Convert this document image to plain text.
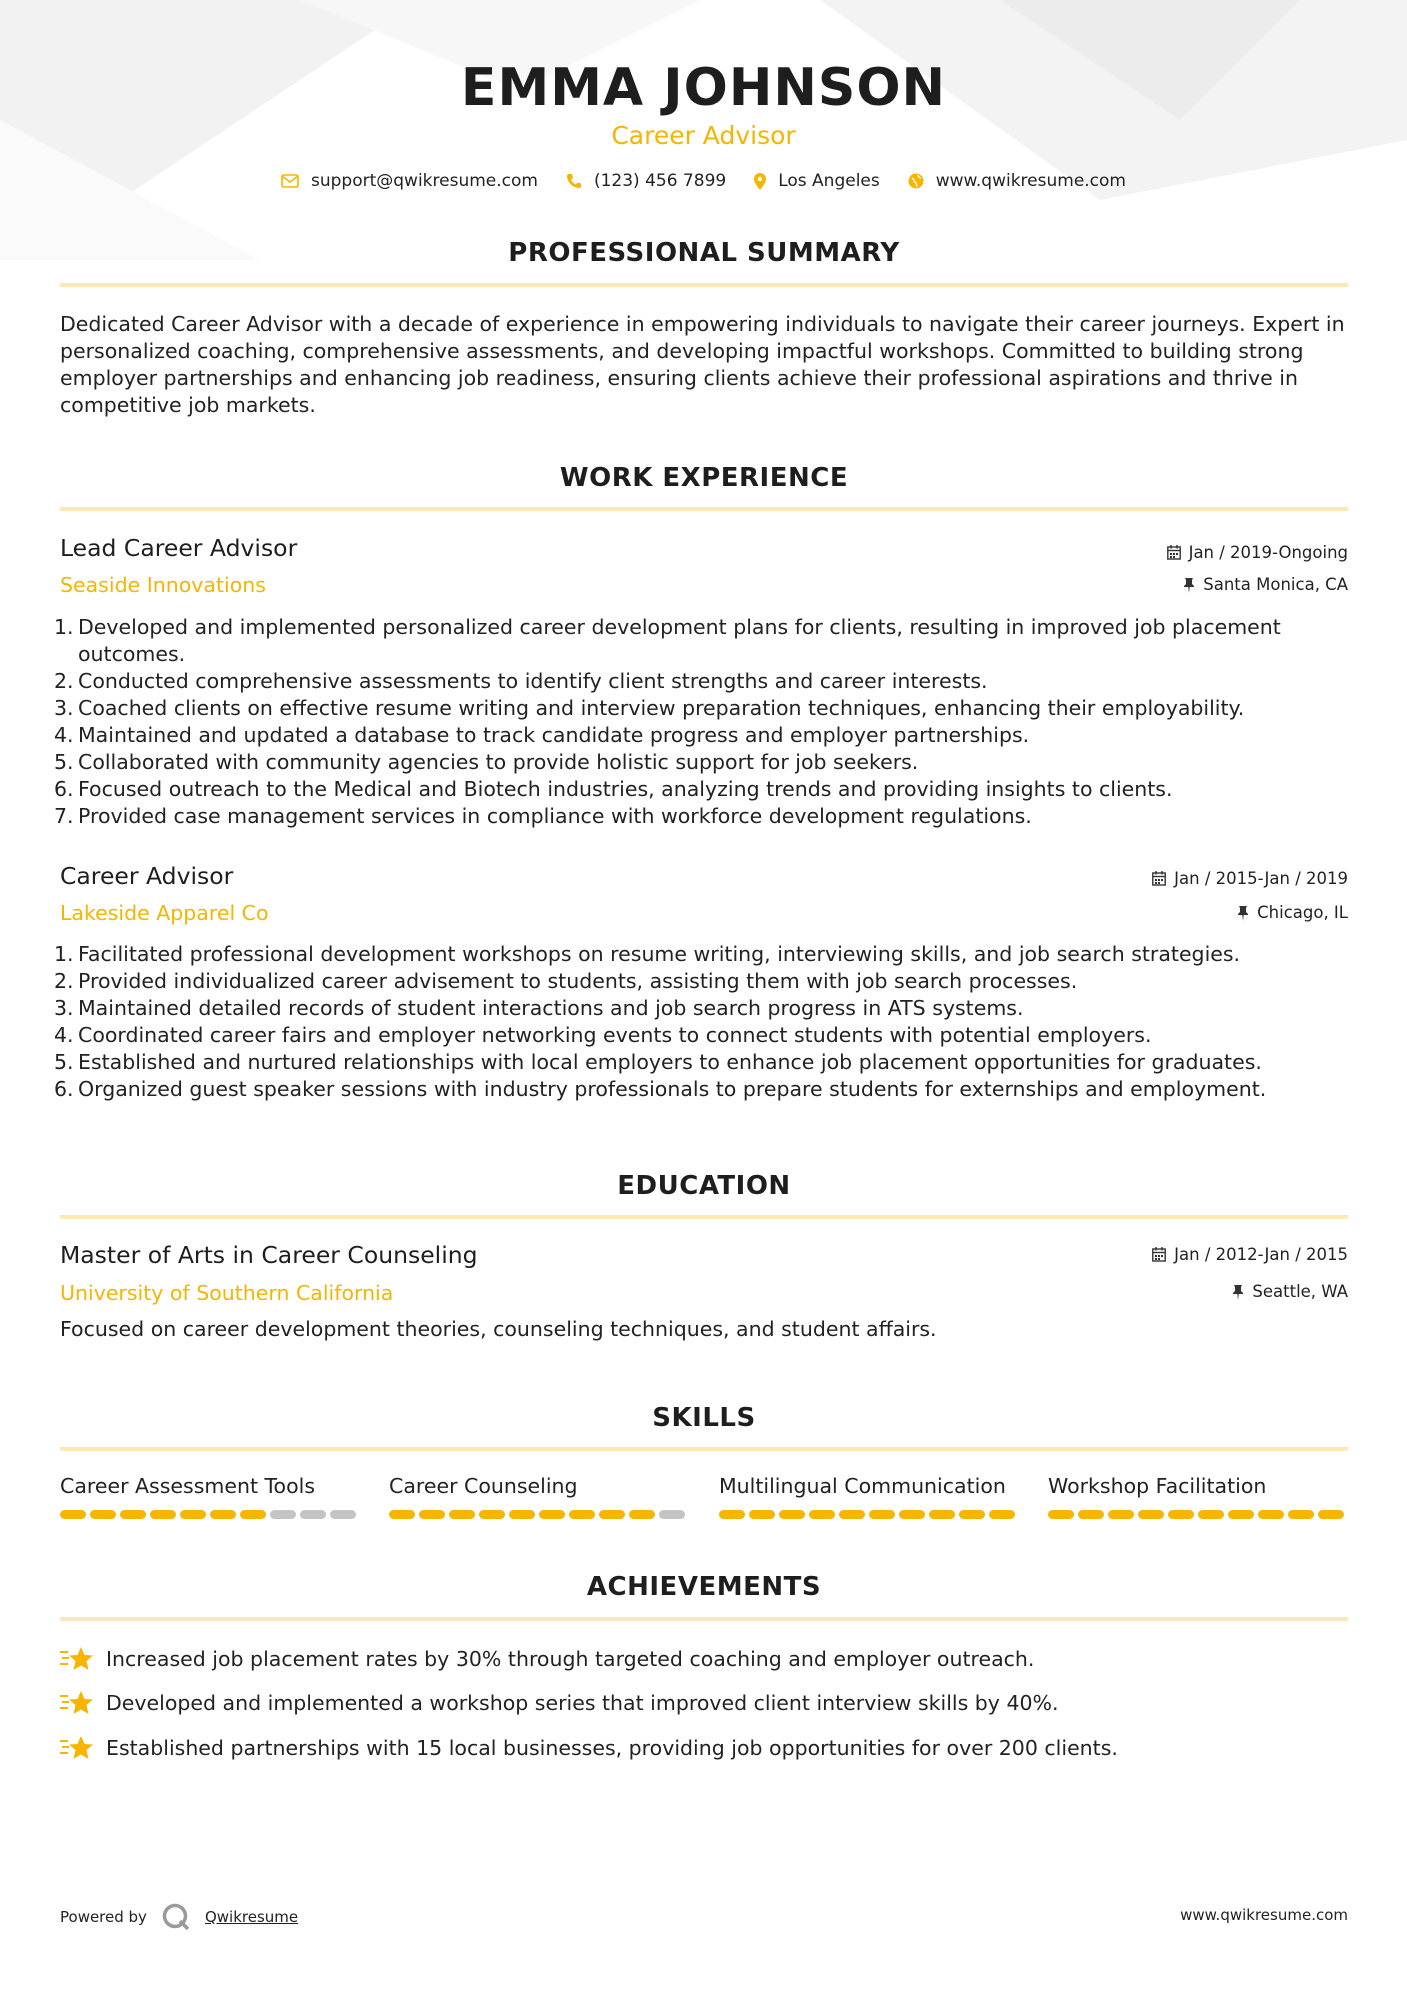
EMMA JOHNSON
Career Advisor
support@qwikresume.com	(123) 456 7899	Los Angeles	www.qwikresume.com
PROFESSIONAL SUMMARY
Dedicated Career Advisor with a decade of experience in empowering individuals to navigate their career journeys. Expert in personalized coaching, comprehensive assessments, and developing impactful workshops. Committed to building strong employer partnerships and enhancing job readiness, ensuring clients achieve their professional aspirations and thrive in competitive job markets.
WORK EXPERIENCE
Lead Career Advisor	Jan / 2019-Ongoing
Seaside Innovations	Santa Monica, CA
1. Developed and implemented personalized career development plans for clients, resulting in improved job placement outcomes.
2. Conducted comprehensive assessments to identify client strengths and career interests.
3. Coached clients on effective resume writing and interview preparation techniques, enhancing their employability.
4. Maintained and updated a database to track candidate progress and employer partnerships.
5. Collaborated with community agencies to provide holistic support for job seekers.
6. Focused outreach to the Medical and Biotech industries, analyzing trends and providing insights to clients.
7. Provided case management services in compliance with workforce development regulations.
Career Advisor	Jan / 2015-Jan / 2019
Lakeside Apparel Co	Chicago, IL
1. Facilitated professional development workshops on resume writing, interviewing skills, and job search strategies.
2. Provided individualized career advisement to students, assisting them with job search processes.
3. Maintained detailed records of student interactions and job search progress in ATS systems.
4. Coordinated career fairs and employer networking events to connect students with potential employers.
5. Established and nurtured relationships with local employers to enhance job placement opportunities for graduates.
6. Organized guest speaker sessions with industry professionals to prepare students for externships and employment.
EDUCATION
Master of Arts in Career Counseling	Jan / 2012-Jan / 2015
University of Southern California	Seattle, WA
Focused on career development theories, counseling techniques, and student affairs.
SKILLS
Career Assessment Tools	Career Counseling	Multilingual Communication	Workshop Facilitation
ACHIEVEMENTS
Increased job placement rates by 30% through targeted coaching and employer outreach.
Developed and implemented a workshop series that improved client interview skills by 40%.
Established partnerships with 15 local businesses, providing job opportunities for over 200 clients.
Powered by	Qwikresume	www.qwikresume.com
